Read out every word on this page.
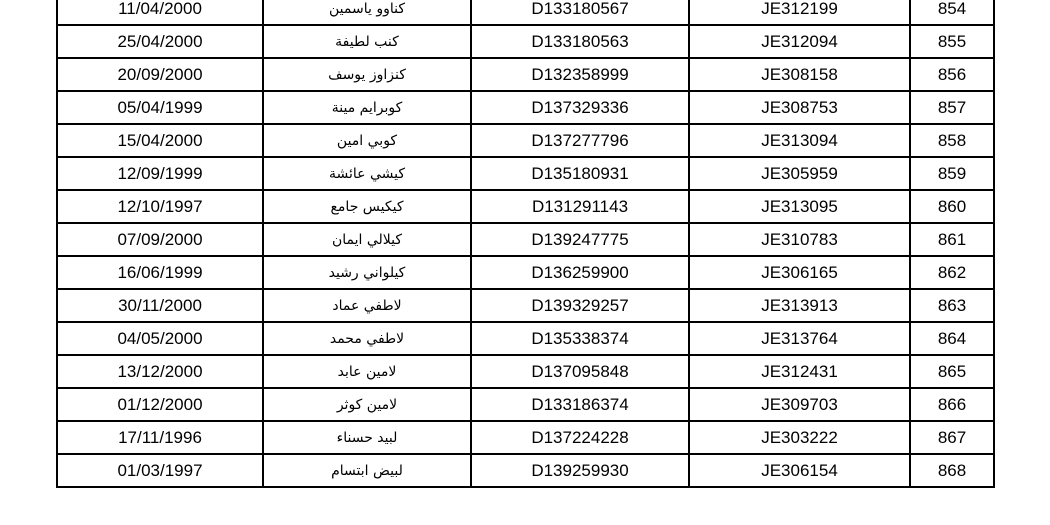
11/04/2000	كناوو ياسمين	D133180567	JE312199	854
25/04/2000	كنب لطيفة	D133180563	JE312094	855
20/09/2000	كنزاوز يوسف	D132358999	JE308158	856
05/04/1999	كوبرايم مينة	D137329336	JE308753	857
15/04/2000	كوبي امين	D137277796	JE313094	858
12/09/1999	كيشي عائشة	D135180931	JE305959	859
12/10/1997	كيكيس جامع	D131291143	JE313095	860
07/09/2000	كيلالي ايمان	D139247775	JE310783	861
16/06/1999	كيلواني رشيد	D136259900	JE306165	862
30/11/2000	لاطفي عماد	D139329257	JE313913	863
04/05/2000	لاطفي محمد	D135338374	JE313764	864
13/12/2000	لامين عابد	D137095848	JE312431	865
01/12/2000	لامين كوثر	D133186374	JE309703	866
17/11/1996	لبيد حسناء	D137224228	JE303222	867
01/03/1997	لبيض ابتسام	D139259930	JE306154	868
